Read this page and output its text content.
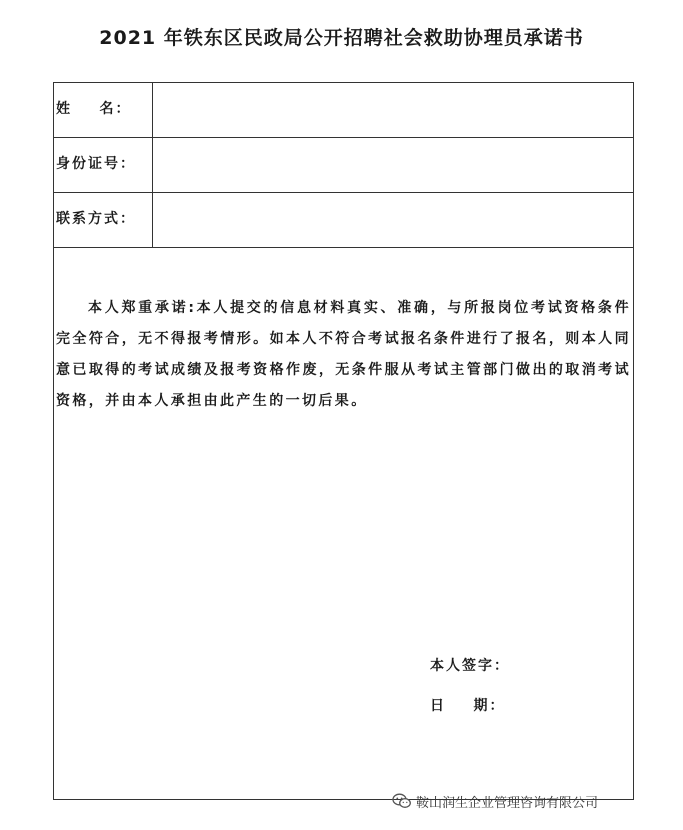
2021 年铁东区民政局公开招聘社会救助协理员承诺书
姓    名：
身份证号：
联系方式：
本人郑重承诺:本人提交的信息材料真实、准确，与所报岗位考试资格条件完全符合，无不得报考情形。如本人不符合考试报名条件进行了报名，则本人同意已取得的考试成绩及报考资格作废，无条件服从考试主管部门做出的取消考试资格，并由本人承担由此产生的一切后果。
本人签字：
日    期：
鞍山润生企业管理咨询有限公司
